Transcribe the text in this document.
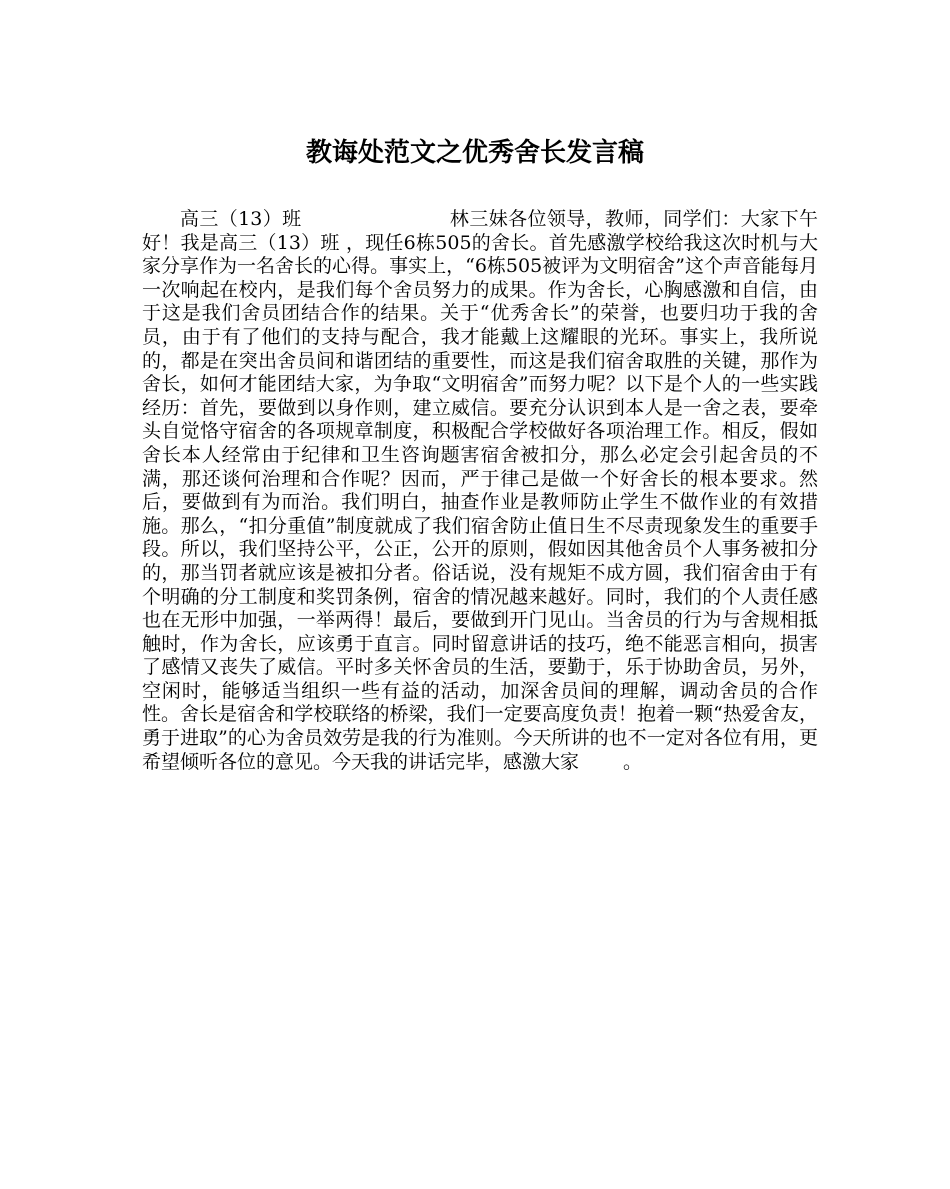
教诲处范文之优秀舍长发言稿

高三（13）班	林三妹各位领导，教师，同学们：大家下午好！我是高三（13）班 ，现任6栋505的舍长。首先感激学校给我这次时机与大家分享作为一名舍长的心得。事实上，“6栋505被评为文明宿舍”这个声音能每月一次响起在校内，是我们每个舍员努力的成果。作为舍长，心胸感激和自信，由于这是我们舍员团结合作的结果。关于“优秀舍长”的荣誉，也要归功于我的舍员，由于有了他们的支持与配合，我才能戴上这耀眼的光环。事实上，我所说的，都是在突出舍员间和谐团结的重要性，而这是我们宿舍取胜的关键，那作为舍长，如何才能团结大家，为争取“文明宿舍”而努力呢？以下是个人的一些实践经历：首先，要做到以身作则，建立威信。要充分认识到本人是一舍之表，要牵头自觉恪守宿舍的各项规章制度，积极配合学校做好各项治理工作。相反，假如舍长本人经常由于纪律和卫生咨询题害宿舍被扣分，那么必定会引起舍员的不满，那还谈何治理和合作呢？因而，严于律己是做一个好舍长的根本要求。然后，要做到有为而治。我们明白，抽查作业是教师防止学生不做作业的有效措施。那么，“扣分重值”制度就成了我们宿舍防止值日生不尽责现象发生的重要手段。所以，我们坚持公平，公正，公开的原则，假如因其他舍员个人事务被扣分的，那当罚者就应该是被扣分者。俗话说，没有规矩不成方圆，我们宿舍由于有个明确的分工制度和奖罚条例，宿舍的情况越来越好。同时，我们的个人责任感也在无形中加强，一举两得！最后，要做到开门见山。当舍员的行为与舍规相抵触时，作为舍长，应该勇于直言。同时留意讲话的技巧，绝不能恶言相向，损害了感情又丧失了威信。平时多关怀舍员的生活，要勤于，乐于协助舍员，另外，空闲时，能够适当组织一些有益的活动，加深舍员间的理解，调动舍员的合作性。舍长是宿舍和学校联络的桥梁，我们一定要高度负责！抱着一颗“热爱舍友，勇于进取”的心为舍员效劳是我的行为准则。今天所讲的也不一定对各位有用，更希望倾听各位的意见。今天我的讲话完毕，感激大家 。
